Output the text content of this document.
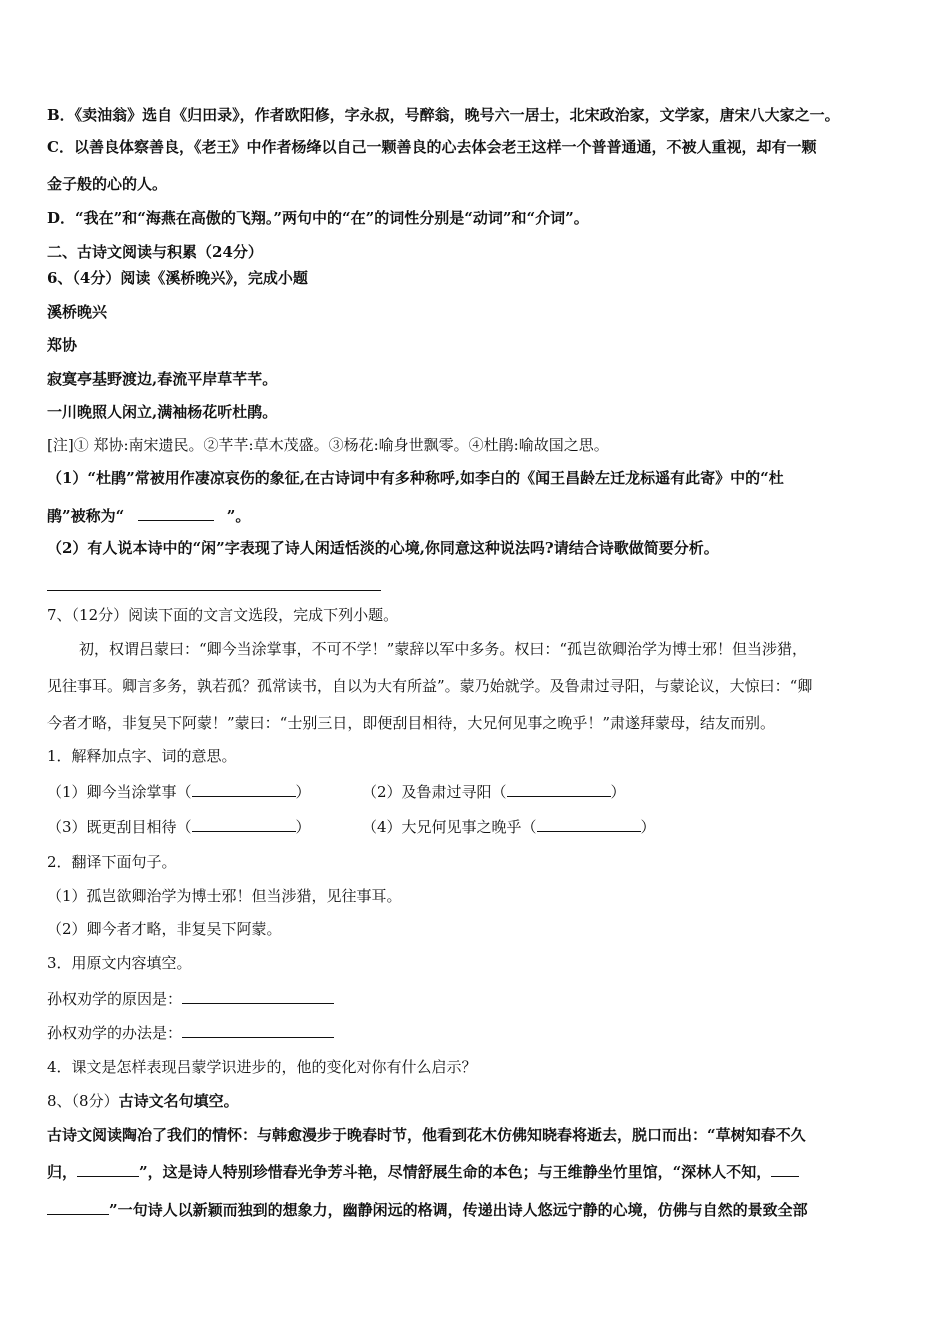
B．《卖油翁》选自《归田录》，作者欧阳修，字永叔，号醉翁，晚号六一居士，北宋政治家，文学家，唐宋八大家之一。
C．以善良体察善良，《老王》中作者杨绛以自己一颗善良的心去体会老王这样一个普普通通，不被人重视，却有一颗
金子般的心的人。
D．“我在”和“海燕在高傲的飞翔。”两句中的“在”的词性分别是“动词”和“介词”。
二、古诗文阅读与积累（24分）
6、（4分）阅读《溪桥晚兴》，完成小题
溪桥晚兴
郑协
寂寞亭基野渡边,春流平岸草芊芊。
一川晚照人闲立,满袖杨花听杜鹃。
[注]① 郑协:南宋遗民。②芊芊:草木茂盛。③杨花:喻身世飘零。④杜鹃:喻故国之思。
（1）“杜鹃”常被用作凄凉哀伤的象征,在古诗词中有多种称呼,如李白的《闻王昌龄左迁龙标遥有此寄》中的“杜
鹃”被称为“	”。
（2）有人说本诗中的“闲”字表现了诗人闲适恬淡的心境,你同意这种说法吗?请结合诗歌做简要分析。
7、（12分）阅读下面的文言文选段，完成下列小题。
初，权谓吕蒙曰：“卿今当涂掌事，不可不学！”蒙辞以军中多务。权曰：“孤岂欲卿治学为博士邪！但当涉猎，
见往事耳。卿言多务，孰若孤？孤常读书，自以为大有所益”。蒙乃始就学。及鲁肃过寻阳，与蒙论议，大惊曰：“卿
今者才略，非复吴下阿蒙！”蒙曰：“士别三日，即便刮目相待，大兄何见事之晚乎！”肃遂拜蒙母，结友而别。
1．解释加点字、词的意思。
（1）卿今当涂掌事（	）	（2）及鲁肃过寻阳（	）
（3）既更刮目相待（	）	（4）大兄何见事之晚乎（	）
2．翻译下面句子。
（1）孤岂欲卿治学为博士邪！但当涉猎，见往事耳。
（2）卿今者才略，非复吴下阿蒙。
3．用原文内容填空。
孙权劝学的原因是：
孙权劝学的办法是：
4．课文是怎样表现吕蒙学识进步的，他的变化对你有什么启示？
8、（8分）古诗文名句填空。
古诗文阅读陶冶了我们的情怀：与韩愈漫步于晚春时节，他看到花木仿佛知晓春将逝去，脱口而出：“草树知春不久
归，	”，这是诗人特别珍惜春光争芳斗艳，尽情舒展生命的本色；与王维静坐竹里馆，“深林人不知，
”一句诗人以新颖而独到的想象力，幽静闲远的格调，传递出诗人悠远宁静的心境，仿佛与自然的景致全部
